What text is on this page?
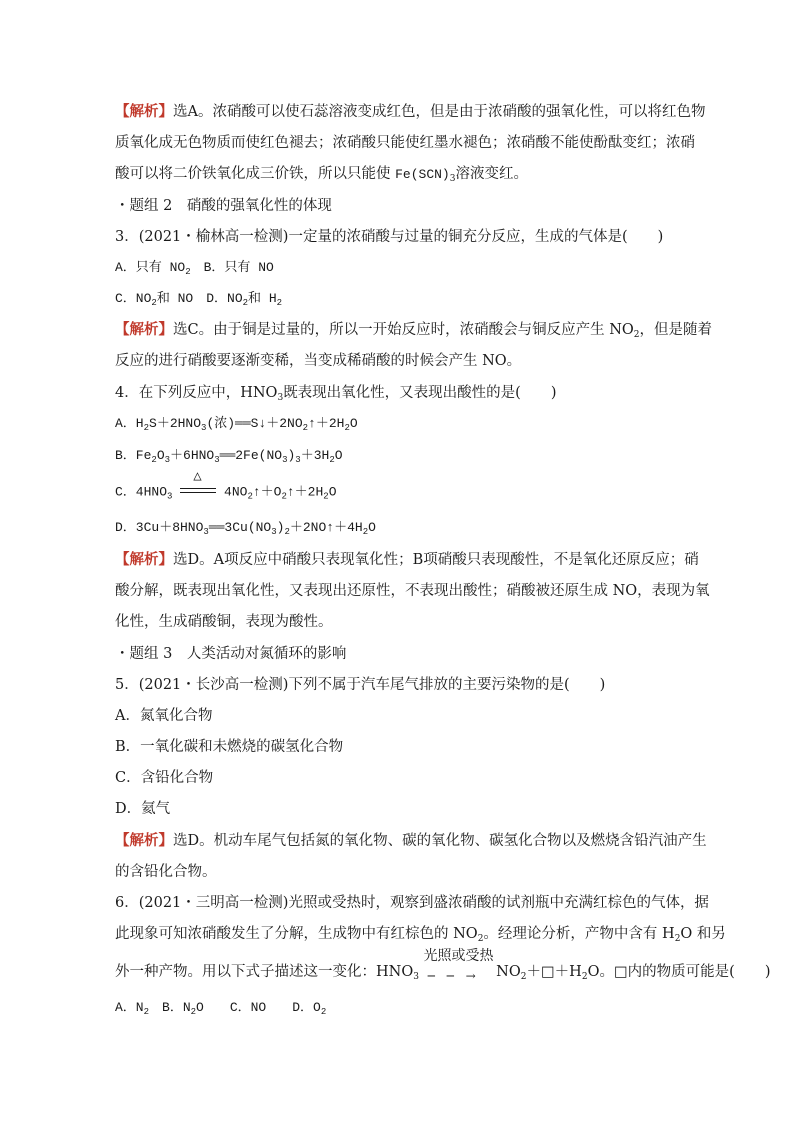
【解析】选A。浓硝酸可以使石蕊溶液变成红色，但是由于浓硝酸的强氧化性，可以将红色物
质氧化成无色物质而使红色褪去；浓硝酸只能使红墨水褪色；浓硝酸不能使酚酞变红；浓硝
酸可以将二价铁氧化成三价铁，所以只能使 $Fe(SCN)_3$溶液变红。
・题组 2　硝酸的强氧化性的体现
3．(2021・榆林高一检测)一定量的浓硝酸与过量的铜充分反应，生成的气体是( )
A．只有 $NO_2$　B．只有 NO
C．$NO_2$和 NO　D．$NO_2$和 $H_2$
【解析】选C。由于铜是过量的，所以一开始反应时，浓硝酸会与铜反应产生 $NO_2$，但是随着
反应的进行硝酸要逐渐变稀，当变成稀硝酸的时候会产生 NO。
4．在下列反应中，$HNO_3$既表现出氧化性，又表现出酸性的是( )
A．$H_2S+2HNO_3$(浓)$══S↓+2NO_2↑+2H_2O$
B．$Fe_2O_3+6HNO_3══2Fe(NO_3)_3+3H_2O$
C．$4HNO_3$
△
$4NO_2↑+O_2↑+2H_2O$
D．$3Cu+8HNO_3══3Cu(NO_3)_2+2NO↑+4H_2O$
【解析】选D。A项反应中硝酸只表现氧化性；B项硝酸只表现酸性，不是氧化还原反应；硝
酸分解，既表现出氧化性，又表现出还原性，不表现出酸性；硝酸被还原生成 NO，表现为氧
化性，生成硝酸铜，表现为酸性。
・题组 3　人类活动对氮循环的影响
5．(2021・长沙高一检测)下列不属于汽车尾气排放的主要污染物的是( )
A．氮氧化合物
B．一氧化碳和未燃烧的碳氢化合物
C．含铅化合物
D．氦气
【解析】选D。机动车尾气包括氮的氧化物、碳的氧化物、碳氢化合物以及燃烧含铅汽油产生
的含铅化合物。
6．(2021・三明高一检测)光照或受热时，观察到盛浓硝酸的试剂瓶中充满红棕色的气体，据
此现象可知浓硝酸发生了分解，生成物中有红棕色的 $NO_2$。经理论分析，产物中含有 $H_2O$ 和另
外一种产物。用以下式子描述这一变化：$HNO_3$
光照或受热
─ ─ → $NO_2+□+H_2O$。□内的物质可能是( )
A．$N_2$　B．$N_2O$　　C．NO　　D．$O_2$
